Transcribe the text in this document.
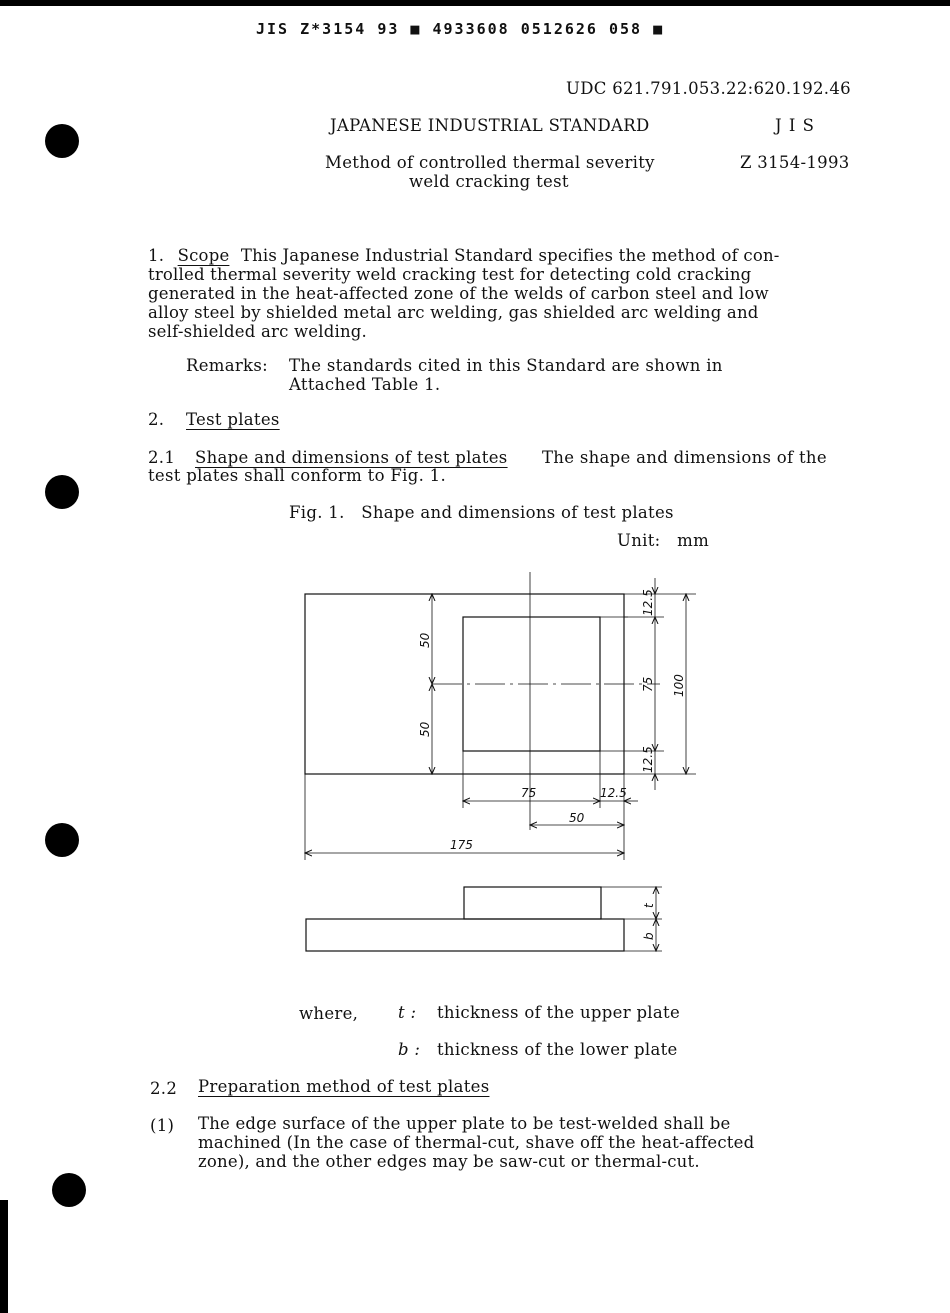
JIS Z*3154 93 ■ 4933608 0512626 058 ■
UDC 621.791.053.22:620.192.46
JAPANESE INDUSTRIAL STANDARD	J I S
Method of controlled thermal severity
weld cracking test
Z 3154-1993
1. Scope This Japanese Industrial Standard specifies the method of con-
trolled thermal severity weld cracking test for detecting cold cracking
generated in the heat-affected zone of the welds of carbon steel and low
alloy steel by shielded metal arc welding, gas shielded arc welding and
self-shielded arc welding.
Remarks: The standards cited in this Standard are shown in
Attached Table 1.
2. Test plates
2.1 Shape and dimensions of test plates The shape and dimensions of the
test plates shall conform to Fig. 1.
Fig. 1.   Shape and dimensions of test plates
Unit:   mm
50
50
12.5
75 100
12.5
75	12.5
50
175
t
b
where, t : thickness of the upper plate
b : thickness of the lower plate
2.2 Preparation method of test plates
(1) The edge surface of the upper plate to be test-welded shall be
machined (In the case of thermal-cut, shave off the heat-affected
zone), and the other edges may be saw-cut or thermal-cut.
